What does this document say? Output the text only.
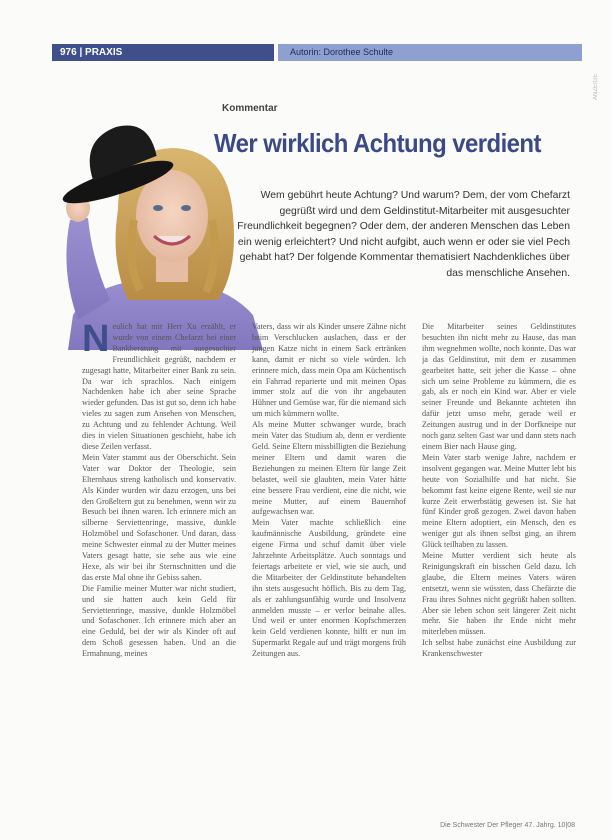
976 | PRAXIS	Autorin: Dorothee Schulte
ANZEIGE
Kommentar
Wer wirklich Achtung verdient

Wem gebührt heute Achtung? Und warum? Dem, der vom Chefarzt gegrüßt wird und dem Geldinstitut-Mitarbeiter mit ausgesuchter Freundlichkeit begegnen? Oder dem, der anderen Menschen das Leben ein wenig erleichtert? Und nicht aufgibt, auch wenn er oder sie viel Pech gehabt hat? Der folgende Kommentar thematisiert Nachdenkliches über das menschliche Ansehen.

N eulich hat mir Herr Xu erzählt, er wurde von einem Chefarzt bei einer Bankberatung mit ausgesuchter Freundlichkeit gegrüßt, nachdem er zugesagt hatte, Mitarbeiter einer Bank zu sein. Da war ich sprachlos. Nach einigem Nachdenken habe ich aber seine Sprache wieder gefunden. Das ist gut so, denn ich habe vieles zu sagen zum Ansehen von Menschen, zu Achtung und zu fehlender Achtung. Weil dies in vielen Situationen geschieht, habe ich diese Zeilen verfasst.

Mein Vater stammt aus der Oberschicht. Sein Vater war Doktor der Theologie, sein Elternhaus streng katholisch und konservativ. Als Kinder wurden wir dazu erzogen, uns bei den Großeltern gut zu benehmen, wenn wir zu Besuch bei ihnen waren. Ich erinnere mich an silberne Serviettenringe, massive, dunkle Holzmöbel und Sofaschoner. Und daran, dass meine Schwester einmal zu der Mutter meines Vaters gesagt hatte, sie sehe aus wie eine Hexe, als wir bei ihr Sternschnitten und die das erste Mal ohne ihr Gebiss sahen.

Die Familie meiner Mutter war nicht studiert, und sie hatten auch kein Geld für Serviettenringe, massive, dunkle Holzmöbel und Sofaschoner. Ich erinnere mich aber an eine Geduld, bei der wir als Kinder oft auf dem Schoß gesessen haben. Und an die Ermahnung, meines

Vaters, dass wir als Kinder unsere Zähne nicht beim Verschlucken auslachen, dass er der jungen Katze nicht in einem Sack ertränken kann, damit er nicht so viele würden. Ich erinnere mich, dass mein Opa am Küchentisch ein Fahrrad reparierte und mit meinen Opas immer stolz auf die von ihr angebauten Hühner und Gemüse war, für die niemand sich um mich kümmern wollte.

Als meine Mutter schwanger wurde, brach mein Vater das Studium ab, denn er verdiente Geld. Seine Eltern missbilligten die Beziehung meiner Eltern und damit waren die Beziehungen zu meinen Eltern für lange Zeit belastet, weil sie glaubten, mein Vater hätte eine bessere Frau verdient, eine die nicht, wie meine Mutter, auf einem Bauernhof aufgewachsen war.

Mein Vater machte schließlich eine kaufmännische Ausbildung, gründete eine eigene Firma und schuf damit über viele Jahrzehnte Arbeitsplätze. Auch sonntags und feiertags arbeitete er viel, wie sie auch, und die Mitarbeiter der Geldinstitute behandelten ihn stets ausgesucht höflich. Bis zu dem Tag, als er zahlungsunfähig wurde und Insolvenz anmelden musste – er verlor beinahe alles. Und weil er unter enormen Kopfschmerzen kein Geld verdienen konnte, hilft er nun im Supermarkt Regale auf und trägt morgens früh Zeitungen aus.

Die Mitarbeiter seines Geldinstitutes besuchten ihn nicht mehr zu Hause, das man ihm wegnehmen wollte, noch konnte. Das war ja das Geldinstitut, mit dem er zusammen gearbeitet hatte, seit jeher die Kasse – ohne sich um seine Probleme zu kümmern, die es gab, als er noch ein Kind war. Aber er viele seiner Freunde und Bekannte achteten ihn dafür jetzt umso mehr, gerade weil er Zeitungen austrug und in der Dorfkneipe nur noch ganz selten Gast war und dann stets nach einem Bier nach Hause ging.

Mein Vater starb wenige Jahre, nachdem er insolvent gegangen war. Meine Mutter lebt bis heute von Sozialhilfe und hat nicht. Sie bekommt fast keine eigene Rente, weil sie nur kurze Zeit erwerbstätig gewesen ist. Sie hat fünf Kinder groß gezogen. Zwei davon haben meine Eltern adoptiert, ein Mensch, den es weniger gut als ihnen selbst ging, an ihrem Glück teilhaben zu lassen.

Meine Mutter verdient sich heute als Reinigungskraft ein bisschen Geld dazu. Ich glaube, die Eltern meines Vaters wären entsetzt, wenn sie wüssten, dass Chefärzte die Frau ihres Sohnes nicht gegrüßt haben sollten. Aber sie leben schon seit längerer Zeit nicht mehr. Sie haben ihr Ende nicht mehr miterleben müssen.

Ich selbst habe zunächst eine Ausbildung zur Krankenschwester

Die Schwester Der Pfleger 47. Jahrg. 10|08
